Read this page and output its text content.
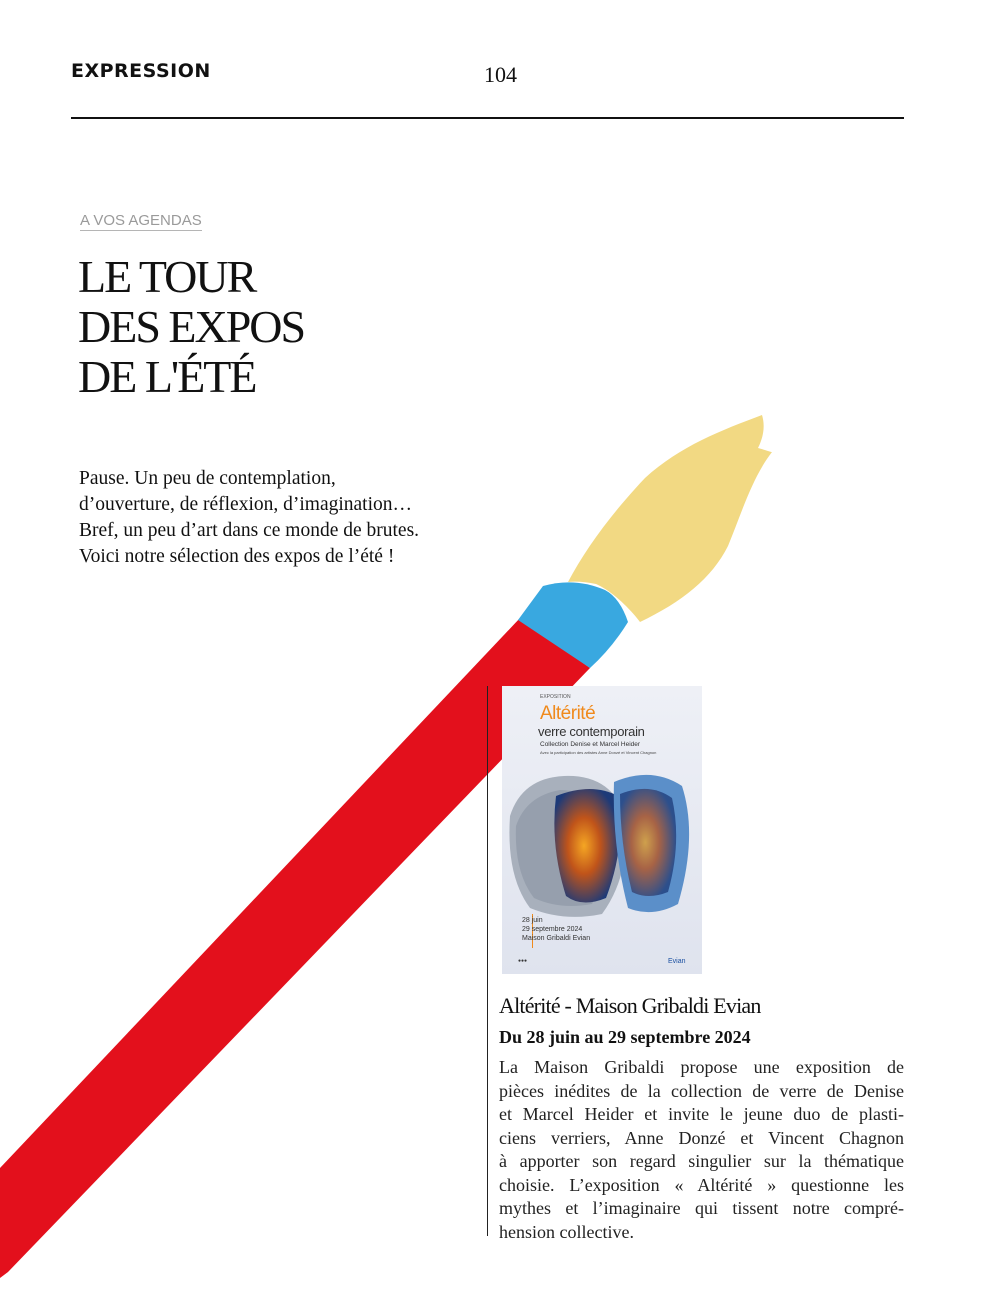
EXPRESSION	104
A VOS AGENDAS
LE TOUR
DES EXPOS
DE L'ÉTÉ

Pause. Un peu de contemplation,
d’ouverture, de réflexion, d’imagination…
Bref, un peu d’art dans ce monde de brutes.
Voici notre sélection des expos de l’été !

EXPOSITION
Altérité
verre contemporain
Collection Denise et Marcel Heider
Avec la participation des artistes Anne Donzé et Vincent Chagnon
28 juin
29 septembre 2024
Maison Gribaldi Evian
●●●	Evian
Altérité - Maison Gribaldi Evian
Du 28 juin au 29 septembre 2024

La Maison Gribaldi propose une exposition de
pièces inédites de la collection de verre de Denise
et Marcel Heider et invite le jeune duo de plasti-
ciens verriers, Anne Donzé et Vincent Chagnon
à apporter son regard singulier sur la thématique
choisie. L’exposition « Altérité » questionne les
mythes et l’imaginaire qui tissent notre compré-
hension collective.
